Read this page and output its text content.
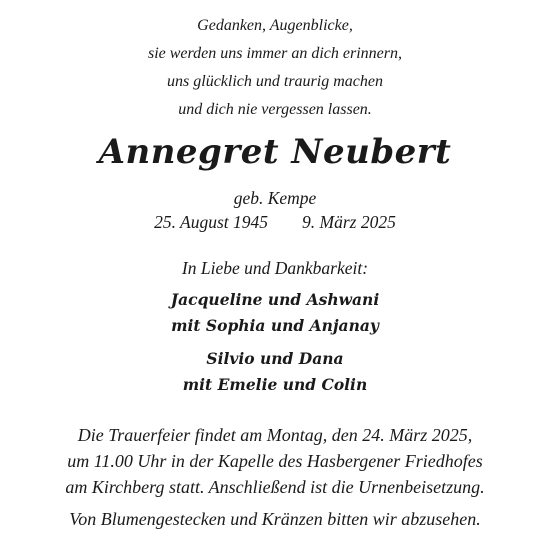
Gedanken, Augenblicke,
sie werden uns immer an dich erinnern,
uns glücklich und traurig machen
und dich nie vergessen lassen.
Annegret Neubert
geb. Kempe
25. August 1945 9. März 2025
In Liebe und Dankbarkeit:
Jacqueline und Ashwani
mit Sophia und Anjanay
Silvio und Dana
mit Emelie und Colin
Die Trauerfeier findet am Montag, den 24. März 2025,
um 11.00 Uhr in der Kapelle des Hasbergener Friedhofes
am Kirchberg statt. Anschließend ist die Urnenbeisetzung.
Von Blumengestecken und Kränzen bitten wir abzusehen.
